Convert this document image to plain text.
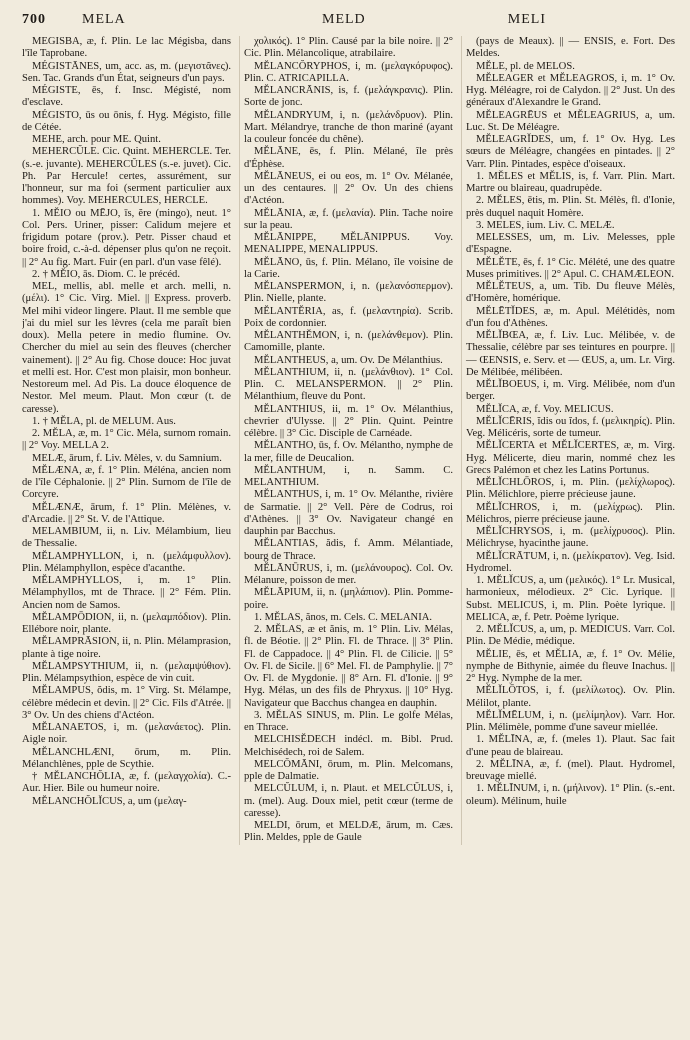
700	MELA	MELD	MELI

MEGISBA, æ, f. Plin. Le lac Mégisba, dans l'île Taprobane.

MÉGISTĀNES, um, acc. as, m. (μεγιστᾶνες). Sen. Tac. Grands d'un État, seigneurs d'un pays.

MÉGISTE, ēs, f. Insc. Mégisté, nom d'esclave.

MÉGISTO, ūs ou ōnis, f. Hyg. Mégisto, fille de Cétée.

MEHE, arch. pour ME. Quint.

MEHERCŬLE. Cic. Quint. MEHERCLE. Ter. (s.-e. juvante). MEHERCŬLES (s.-e. juvet). Cic. Ph. Par Hercule! certes, assurément, sur l'honneur, sur ma foi (serment particulier aux hommes). Voy. MEHERCULES, HERCLE.

1. MĔIO ou MĒJO, īs, ĕre (mingo), neut. 1° Col. Pers. Uriner, pisser: Calidum mejere et frigidum potare (prov.). Petr. Pisser chaud et boire froid, c.-à-d. dépenser plus qu'on ne reçoit. || 2° Au fig. Mart. Fuir (en parl. d'un vase fêlé).

2. † MĔIO, ās. Diom. C. le précéd.

MEL, mellis, abl. melle et arch. melli, n. (μέλι). 1° Cic. Virg. Miel. || Express. proverb. Mel mihi videor lingere. Plaut. Il me semble que j'ai du miel sur les lèvres (cela me paraît bien doux). Mella petere in medio flumine. Ov. Chercher du miel au sein des fleuves (chercher vainement). || 2° Au fig. Chose douce: Hoc juvat et melli est. Hor. C'est mon plaisir, mon bonheur. Nestoreum mel. Ad Pis. La douce éloquence de Nestor. Mel meum. Plaut. Mon cœur (t. de caresse).

1. † MĔLA, pl. de MELUM. Aus.

2. MĔLA, æ, m. 1° Cic. Méla, surnom romain. || 2° Voy. MELLA 2.

MELÆ, ārum, f. Liv. Mèles, v. du Samnium.

MĔLÆNA, æ, f. 1° Plin. Méléna, ancien nom de l'île Céphalonie. || 2° Plin. Surnom de l'île de Corcyre.

MĔLÆNÆ, ārum, f. 1° Plin. Mélènes, v. d'Arcadie. || 2° St. V. de l'Attique.

MELAMBIUM, ii, n. Liv. Mélambium, lieu de Thessalie.

MĔLAMPHYLLON, i, n. (μελάμφυλλον). Plin. Mélamphyllon, espèce d'acanthe.

MĔLAMPHYLLOS, i, m. 1° Plin. Mélamphyllos, mt de Thrace. || 2° Fém. Plin. Ancien nom de Samos.

MĔLAMPŌDION, ii, n. (μελαμπόδιον). Plin. Ellébore noir, plante.

MĔLAMPRĀSION, ii, n. Plin. Mélamprasion, plante à tige noire.

MĔLAMPSYTHIUM, ii, n. (μελαμψύθιον). Plin. Mélampsythion, espèce de vin cuit.

MĔLAMPUS, ŏdis, m. 1° Virg. St. Mélampe, célèbre médecin et devin. || 2° Cic. Fils d'Atrée. || 3° Ov. Un des chiens d'Actéon.

MĔLANAETOS, i, m. (μελανάετος). Plin. Aigle noir.

MĔLANCHLÆNI, ōrum, m. Plin. Mélanchlènes, pple de Scythie.

† MĔLANCHŎLIA, æ, f. (μελαγχολία). C.-Aur. Hier. Bile ou humeur noire.

MĔLANCHŎLĬCUS, a, um (μελαγ-

χολικός). 1° Plin. Causé par la bile noire. || 2° Cic. Plin. Mélancolique, atrabilaire.

MĔLANCŎRYPHOS, i, m. (μελαγκόρυφος). Plin. C. ATRICAPILLA.

MĔLANCRĀNIS, is, f. (μελάγκρανις). Plin. Sorte de jonc.

MĔLANDRYUM, i, n. (μελάνδρυον). Plin. Mart. Mélandrye, tranche de thon mariné (ayant la couleur foncée du chêne).

MĔLĀNE, ēs, f. Plin. Mélané, île près d'Éphèse.

MĔLĀNEUS, ei ou eos, m. 1° Ov. Mélanée, un des centaures. || 2° Ov. Un des chiens d'Actéon.

MĔLĀNIA, æ, f. (μελανία). Plin. Tache noire sur la peau.

MĔLĀNIPPE, MĔLĀNIPPUS. Voy. MENALIPPE, MENALIPPUS.

MĔLĀNO, ūs, f. Plin. Mélano, île voisine de la Carie.

MĔLANSPERMON, i, n. (μελανόσπερμον). Plin. Nielle, plante.

MĔLANTĔRIA, as, f. (μελαντηρία). Scrib. Poix de cordonnier.

MĔLANTHĔMON, i, n. (μελάνθεμον). Plin. Camomille, plante.

MĔLANTHEUS, a, um. Ov. De Mélanthius.

MĔLANTHIUM, ii, n. (μελάνθιον). 1° Col. Plin. C. MELANSPERMON. || 2° Plin. Mélanthium, fleuve du Pont.

MĔLANTHIUS, ii, m. 1° Ov. Mélanthius, chevrier d'Ulysse. || 2° Plin. Quint. Peintre célèbre. || 3° Cic. Disciple de Carnéade.

MĔLANTHO, ūs, f. Ov. Mélantho, nymphe de la mer, fille de Deucalion.

MĔLANTHUM, i, n. Samm. C. MELANTHIUM.

MĔLANTHUS, i, m. 1° Ov. Mélanthe, rivière de Sarmatie. || 2° Vell. Père de Codrus, roi d'Athènes. || 3° Ov. Navigateur changé en dauphin par Bacchus.

MĔLANTIAS, ădis, f. Amm. Mélantiade, bourg de Thrace.

MĔLĀNŪRUS, i, m. (μελάνουρος). Col. Ov. Mélanure, poisson de mer.

MĔLĀPIUM, ii, n. (μηλάπιον). Plin. Pomme-poire.

1. MĔLAS, ănos, m. Cels. C. MELANIA.

2. MĔLAS, æ et ănis, m. 1° Plin. Liv. Mélas, fl. de Béotie. || 2° Plin. Fl. de Thrace. || 3° Plin. Fl. de Cappadoce. || 4° Plin. Fl. de Cilicie. || 5° Ov. Fl. de Sicile. || 6° Mel. Fl. de Pamphylie. || 7° Ov. Fl. de Mygdonie. || 8° Arn. Fl. d'Ionie. || 9° Hyg. Mélas, un des fils de Phryxus. || 10° Hyg. Navigateur que Bacchus changea en dauphin.

3. MĔLAS SINUS, m. Plin. Le golfe Mélas, en Thrace.

MELCHISĔDECH indécl. m. Bibl. Prud. Melchisédech, roi de Salem.

MELCŎMĀNI, ōrum, m. Plin. Melcomans, pple de Dalmatie.

MELCŬLUM, i, n. Plaut. et MELCŬLUS, i, m. (mel). Aug. Doux miel, petit cœur (terme de caresse).

MELDI, ōrum, et MELDÆ, ārum, m. Cæs. Plin. Meldes, pple de Gaule

(pays de Meaux). || — ENSIS, e. Fort. Des Meldes.

MĔLE, pl. de MELOS.

MĔLEAGER et MĔLEAGROS, i, m. 1° Ov. Hyg. Méléagre, roi de Calydon. || 2° Just. Un des généraux d'Alexandre le Grand.

MĔLEAGRĒUS et MĔLEAGRIUS, a, um. Luc. St. De Méléagre.

MĔLEAGRĬDES, um, f. 1° Ov. Hyg. Les sœurs de Méléagre, changées en pintades. || 2° Varr. Plin. Pintades, espèce d'oiseaux.

1. MĔLES et MĔLIS, is, f. Varr. Plin. Mart. Martre ou blaireau, quadrupède.

2. MĔLES, ētis, m. Plin. St. Mélès, fl. d'Ionie, près duquel naquit Homère.

3. MELES, ium. Liv. C. MELÆ.

MELESSES, um, m. Liv. Melesses, pple d'Espagne.

MĔLĔTE, ēs, f. 1° Cic. Mélété, une des quatre Muses primitives. || 2° Apul. C. CHAMÆLEON.

MĔLĔTEUS, a, um. Tib. Du fleuve Mélès, d'Homère, homérique.

MĔLĒTĬDES, æ, m. Apul. Mélétidès, nom d'un fou d'Athènes.

MĔLĬBŒA, æ, f. Liv. Luc. Mélibée, v. de Thessalie, célèbre par ses teintures en pourpre. || — ŒENSIS, e. Serv. et — ŒUS, a, um. Lr. Virg. De Mélibée, mélibéen.

MĔLĬBOEUS, i, m. Virg. Mélibée, nom d'un berger.

MĔLĬCA, æ, f. Voy. MELICUS.

MĔLĬCĒRIS, ĭdis ou ĭdos, f. (μελικηρίς). Plin. Veg. Mélicéris, sorte de tumeur.

MĔLĬCERTA et MĔLĬCERTES, æ, m. Virg. Hyg. Mélicerte, dieu marin, nommé chez les Grecs Palémon et chez les Latins Portunus.

MĔLĬCHLŌROS, i, m. Plin. (μελίχλωρος). Plin. Mélichlore, pierre précieuse jaune.

MĔLĬCHROS, i, m. (μελίχρως). Plin. Mélichros, pierre précieuse jaune.

MĔLĬCHRYSOS, i, m. (μελίχρυσος). Plin. Mélichryse, hyacinthe jaune.

MĔLĬCRĀTUM, i, n. (μελίκρατον). Veg. Isid. Hydromel.

1. MĔLĬCUS, a, um (μελικός). 1° Lr. Musical, harmonieux, mélodieux. 2° Cic. Lyrique. || Subst. MELICUS, i, m. Plin. Poète lyrique. || MELICA, æ, f. Petr. Poème lyrique.

2. MĔLĬCUS, a, um, p. MEDICUS. Varr. Col. Plin. De Médie, médique.

MĔLIE, ēs, et MĔLIA, æ, f. 1° Ov. Mélie, nymphe de Bithynie, aimée du fleuve Inachus. || 2° Hyg. Nymphe de la mer.

MĔLĬLŌTOS, i, f. (μελίλωτος). Ov. Plin. Mélilot, plante.

MĔLĬMĒLUM, i, n. (μελίμηλον). Varr. Hor. Plin. Mélimèle, pomme d'une saveur miellée.

1. MĔLĪNA, æ, f. (meles 1). Plaut. Sac fait d'une peau de blaireau.

2. MĔLĪNA, æ, f. (mel). Plaut. Hydromel, breuvage miellé.

1. MĔLĪNUM, i, n. (μήλινον). 1° Plin. (s.-ent. oleum). Mélinum, huile
